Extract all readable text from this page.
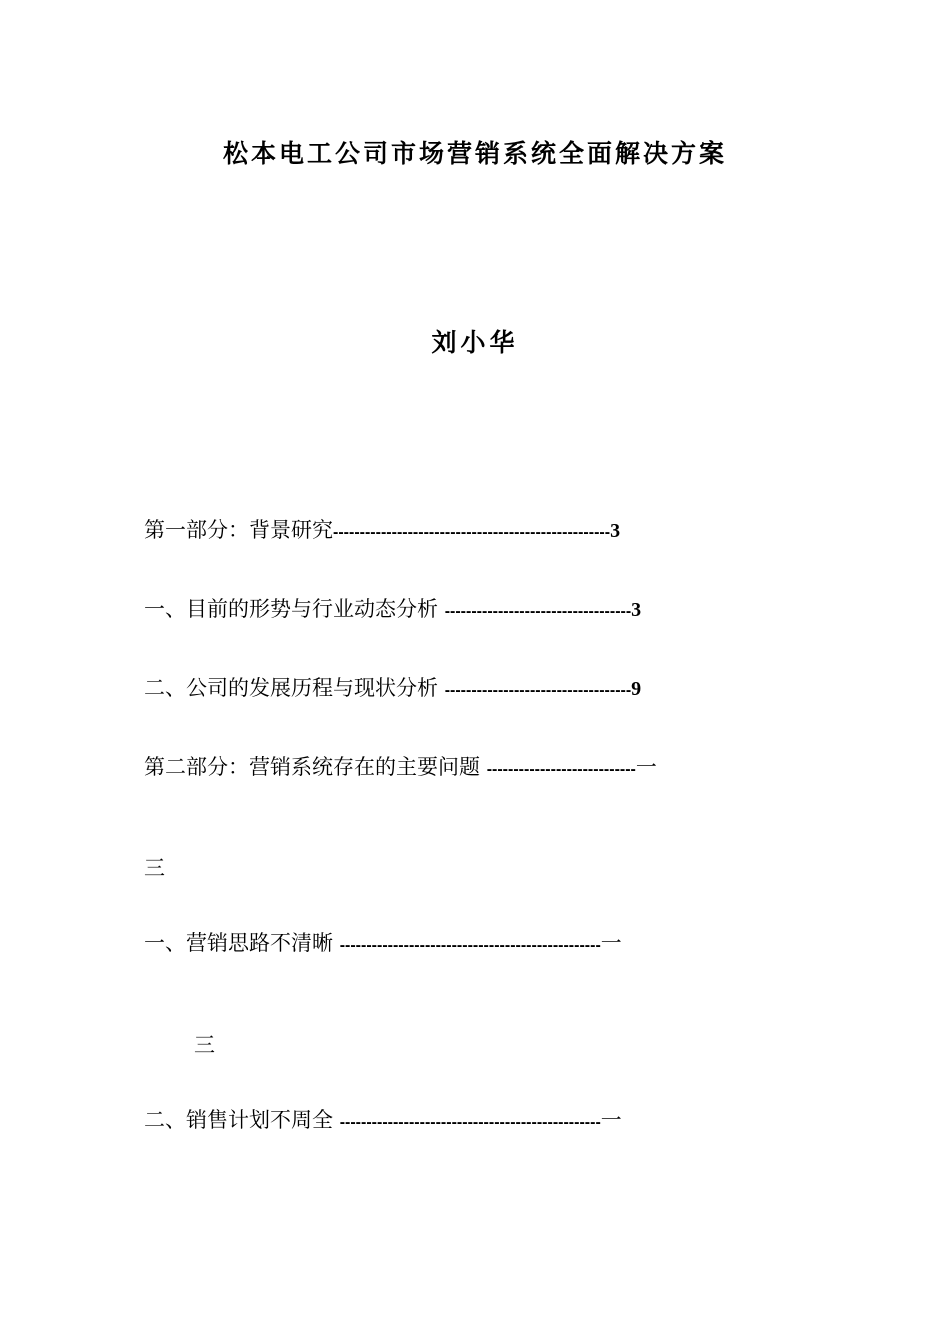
松本电工公司市场营销系统全面解决方案
刘小华
第一部分：背景研究----------------------------------------------------3
一、目前的形势与行业动态分析 -----------------------------------3
二、公司的发展历程与现状分析 -----------------------------------9
第二部分：营销系统存在的主要问题 ----------------------------一
三
一、营销思路不清晰 -------------------------------------------------一
三
二、销售计划不周全 -------------------------------------------------一
